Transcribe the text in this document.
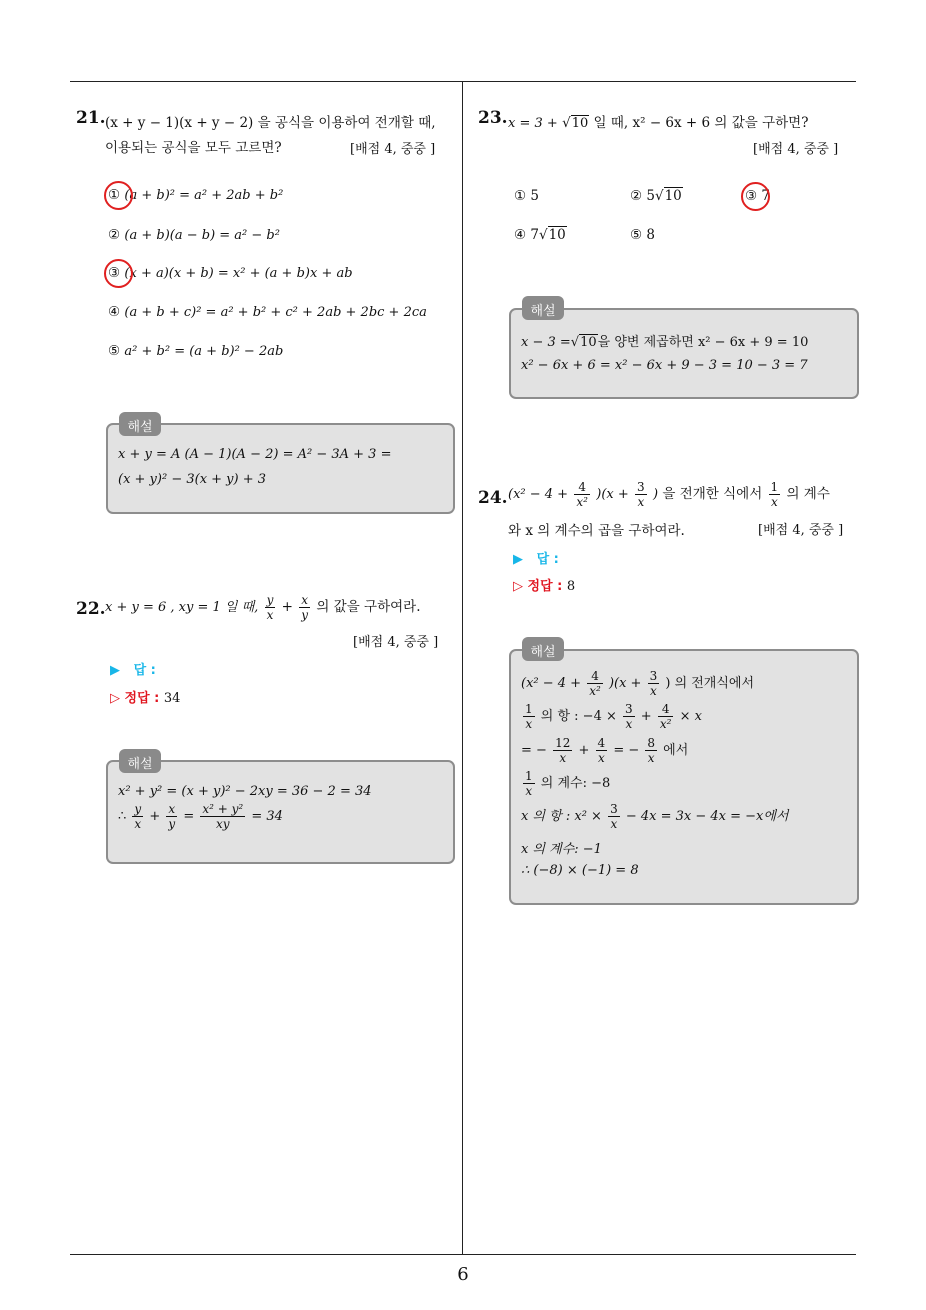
6
21. (x + y − 1)(x + y − 2) 을 공식을 이용하여 전개할 때,
이용되는 공식을 모두 고르면?	[배점 4, 중중 ]
① (a + b)² = a² + 2ab + b²
② (a + b)(a − b) = a² − b²
③ (x + a)(x + b) = x² + (a + b)x + ab
④ (a + b + c)² = a² + b² + c² + 2ab + 2bc + 2ca
⑤ a² + b² = (a + b)² − 2ab
해설
x + y = A (A − 1)(A − 2) = A² − 3A + 3 =
(x + y)² − 3(x + y) + 3
22. x + y = 6 , xy = 1 일 때, $\frac{y}{x} + \frac{x}{y}$ 의 값을 구하여라.
[배점 4, 중중 ]
▶ 답 :
▷ 정답 : 34
해설
x² + y² = (x + y)² − 2xy = 36 − 2 = 34
∴ $\frac{y}{x} + \frac{x}{y} = \frac{\text{x² + y²}}{xy} = 34$
23. x = 3 + √10 일 때, x² − 6x + 6 의 값을 구하면?
[배점 4, 중중 ]
① 5	② 5√10	③ 7
④ 7√10	⑤ 8
해설
x − 3 =√10을 양변 제곱하면 x² − 6x + 9 = 10
x² − 6x + 6 = x² − 6x + 9 − 3 = 10 − 3 = 7
24. $(x^2 - 4 + \frac{4}{\text{x²}} )(x + \frac{3}{x}$ ) 을 전개한 식에서 $\frac{1}{x}$ 의 계수
와 x 의 계수의 곱을 구하여라.	[배점 4, 중중 ]
▶ 답 :
▷ 정답 : 8
해설
$(x^2 - 4 + \frac{4}{\text{x²}} )(x + \frac{3}{x}$ ) 의 전개식에서
$\frac{1}{x}$ 의 항 : $-4 \times \frac{3}{x} + \frac{4}{\text{x²}} \times x$
= − $\frac{12}{x} + \frac{4}{x}$ = − $\frac{8}{x}$ 에서
$\frac{1}{x}$ 의 계수: −8
x 의 항 : $x^2 \times \frac{3}{x} - 4x = 3x - 4x = -x$에서
x 의 계수: −1
∴ (−8) × (−1) = 8
